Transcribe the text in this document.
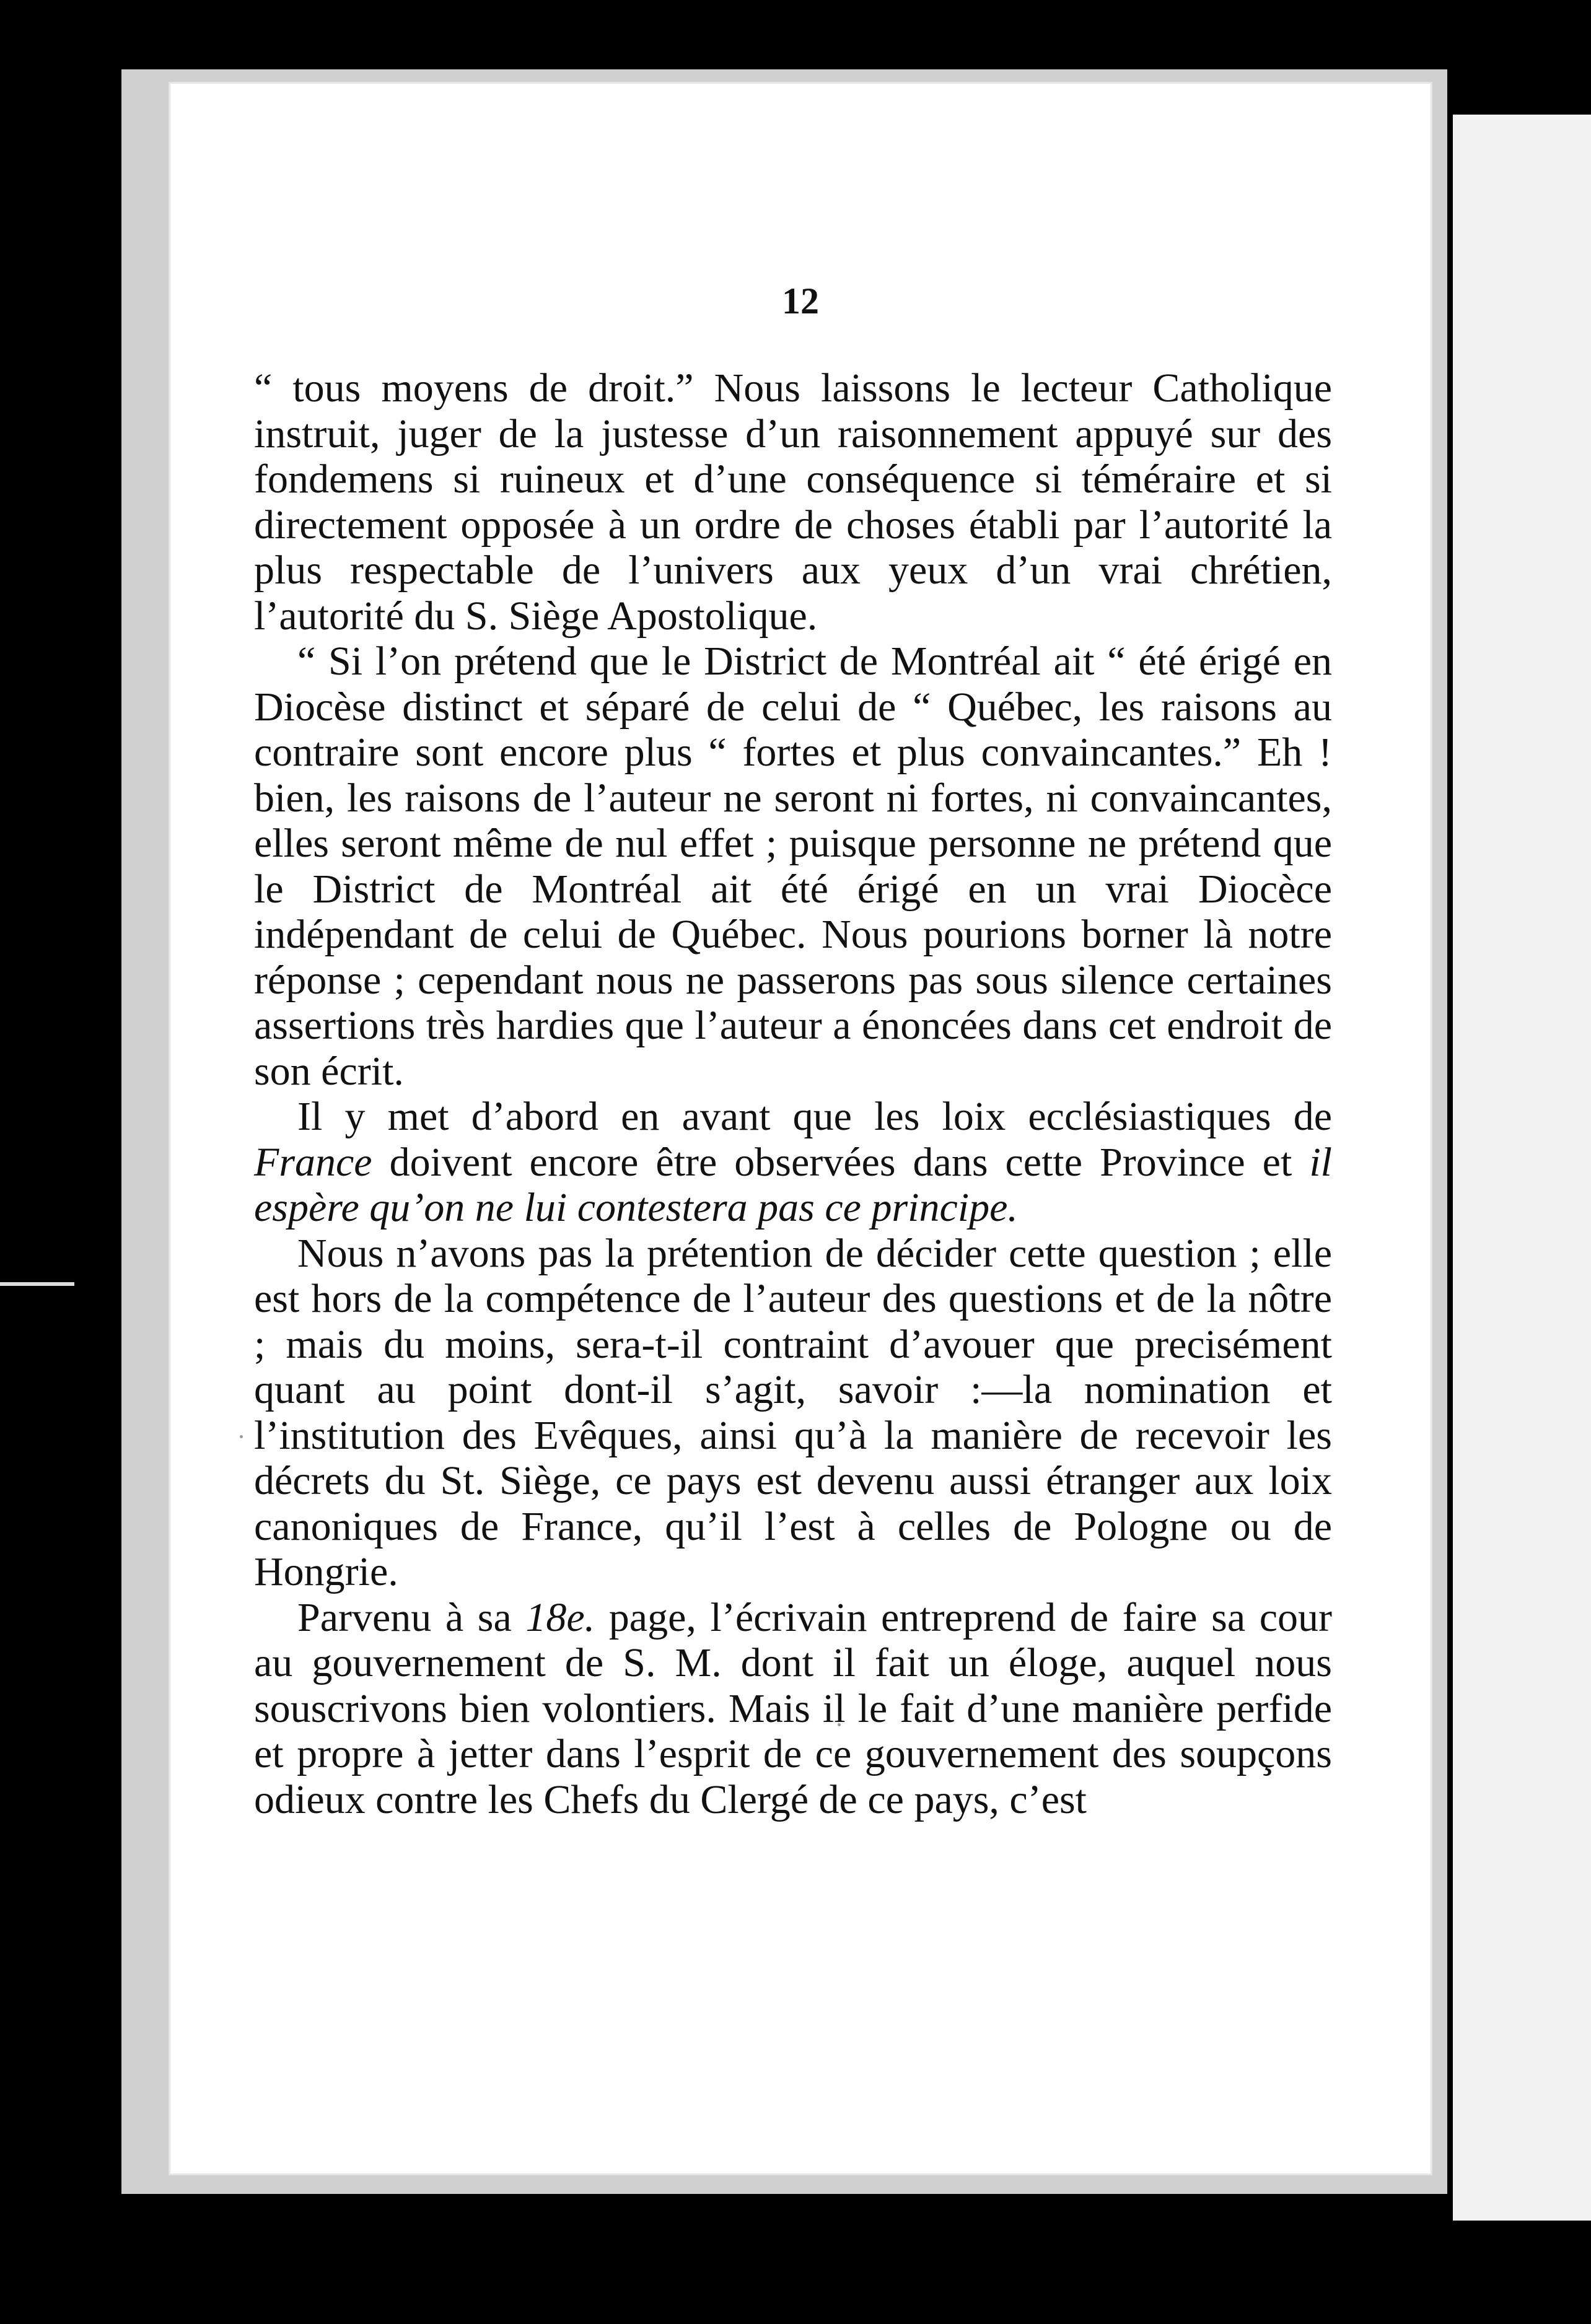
12

“ tous moyens de droit.” Nous laissons le lecteur Catholique instruit, juger de la justesse d’un raisonnement appuyé sur des fondemens si ruineux et d’une conséquence si téméraire et si directement opposée à un ordre de choses établi par l’autorité la plus respectable de l’univers aux yeux d’un vrai chrétien, l’autorité du S. Siège Apostolique.

“ Si l’on prétend que le District de Montréal ait “ été érigé en Diocèse distinct et séparé de celui de “ Québec, les raisons au contraire sont encore plus “ fortes et plus convaincantes.” Eh ! bien, les raisons de l’auteur ne seront ni fortes, ni convaincantes, elles seront même de nul effet ; puisque personne ne prétend que le District de Montréal ait été érigé en un vrai Diocèce indépendant de celui de Québec. Nous pourions borner là notre réponse ; cependant nous ne passerons pas sous silence certaines assertions très hardies que l’auteur a énoncées dans cet endroit de son écrit.

Il y met d’abord en avant que les loix ecclésiastiques de France doivent encore être observées dans cette Province et il espère qu’on ne lui contestera pas ce principe.

Nous n’avons pas la prétention de décider cette question ; elle est hors de la compétence de l’auteur des questions et de la nôtre ; mais du moins, sera-t-il contraint d’avouer que precisément quant au point dont-il s’agit, savoir :—la nomination et l’institution des Evêques, ainsi qu’à la manière de recevoir les décrets du St. Siège, ce pays est devenu aussi étranger aux loix canoniques de France, qu’il l’est à celles de Pologne ou de Hongrie.

Parvenu à sa 18e. page, l’écrivain entreprend de faire sa cour au gouvernement de S. M. dont il fait un éloge, auquel nous souscrivons bien volontiers. Mais il le fait d’une manière perfide et propre à jetter dans l’esprit de ce gouvernement des soupçons odieux contre les Chefs du Clergé de ce pays, c’est
